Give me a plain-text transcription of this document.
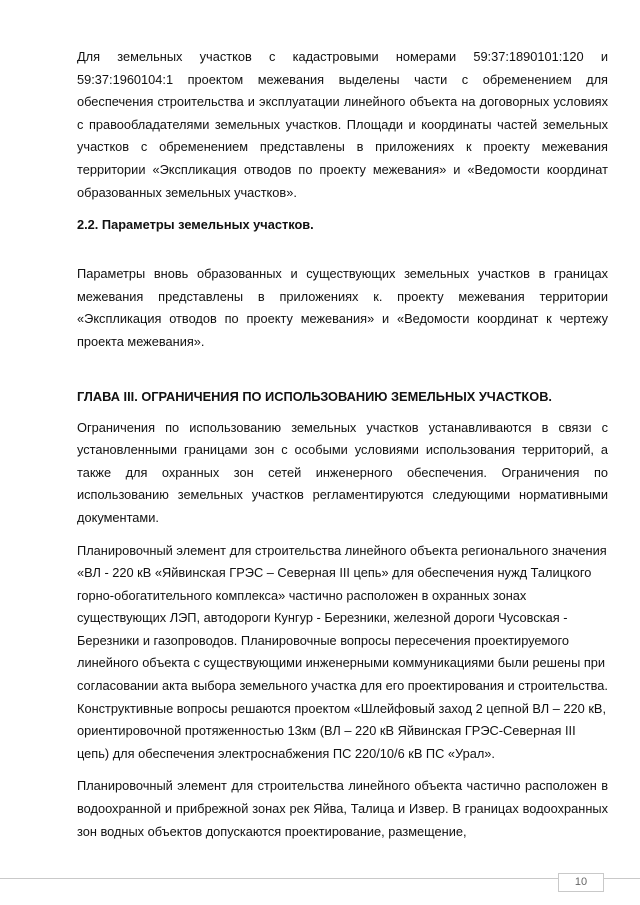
Для земельных участков с кадастровыми номерами 59:37:1890101:120 и 59:37:1960104:1 проектом межевания выделены части с обременением для обеспечения строительства и эксплуатации линейного объекта на договорных условиях с правообладателями земельных участков. Площади и координаты частей земельных участков с обременением представлены в приложениях к проекту межевания территории «Экспликация отводов по проекту межевания» и «Ведомости координат образованных земельных участков».

2.2. Параметры земельных участков.

Параметры вновь образованных и существующих земельных участков в границах межевания представлены в приложениях к. проекту межевания территории «Экспликация отводов по проекту межевания» и «Ведомости координат к чертежу проекта межевания».

ГЛАВА III. ОГРАНИЧЕНИЯ ПО ИСПОЛЬЗОВАНИЮ ЗЕМЕЛЬНЫХ УЧАСТКОВ.

Ограничения по использованию земельных участков устанавливаются в связи с установленными границами зон с особыми условиями использования территорий, а также для охранных зон сетей инженерного обеспечения. Ограничения по использованию земельных участков регламентируются следующими нормативными документами.

Планировочный элемент для строительства линейного объекта регионального значения «ВЛ - 220 кВ «Яйвинская ГРЭС – Северная III цепь» для обеспечения нужд Талицкого горно-обогатительного комплекса» частично расположен в охранных зонах существующих ЛЭП, автодороги Кунгур - Березники, железной дороги Чусовская - Березники и газопроводов. Планировочные вопросы пересечения проектируемого линейного объекта с существующими инженерными коммуникациями были решены при согласовании акта выбора земельного участка для его проектирования и строительства. Конструктивные вопросы решаются проектом «Шлейфовый заход 2 цепной ВЛ – 220 кВ, ориентировочной протяженностью 13км (ВЛ – 220 кВ Яйвинская ГРЭС-Северная III цепь) для обеспечения электроснабжения ПС 220/10/6 кВ ПС «Урал».

Планировочный элемент для строительства линейного объекта частично расположен в водоохранной и прибрежной зонах рек Яйва, Талица и Извер. В границах водоохранных зон водных объектов допускаются проектирование, размещение,

10
